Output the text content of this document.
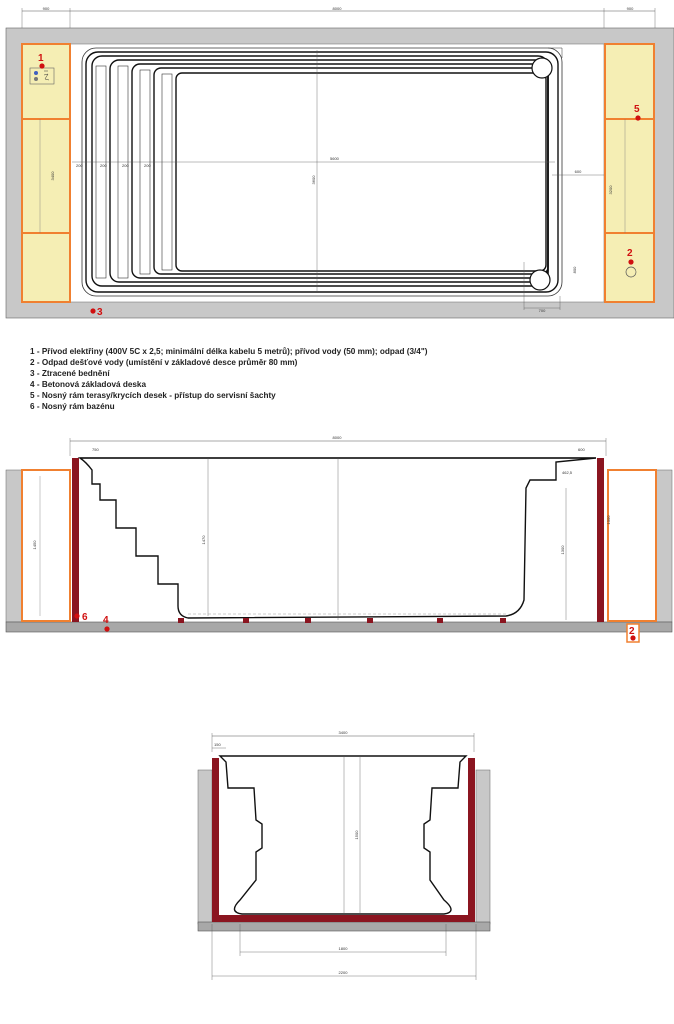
900	8000	900
3400
3200
200	200	200	200
5600
3600
600
700
800
1
5
2
3
8000
750	600
1450
1000
1470
1300
462,5
6 4
2
3400
150
1500
1800
2200
1 - Přívod elektřiny (400V 5C x 2,5; minimální délka kabelu 5 metrů); přívod vody (50 mm); odpad (3/4")
2 - Odpad dešťové vody (umístění v základové desce průměr 80 mm)
3 - Ztracené bednění
4 - Betonová základová deska
5 - Nosný rám terasy/krycích desek - přístup do servisní šachty
6 - Nosný rám bazénu
